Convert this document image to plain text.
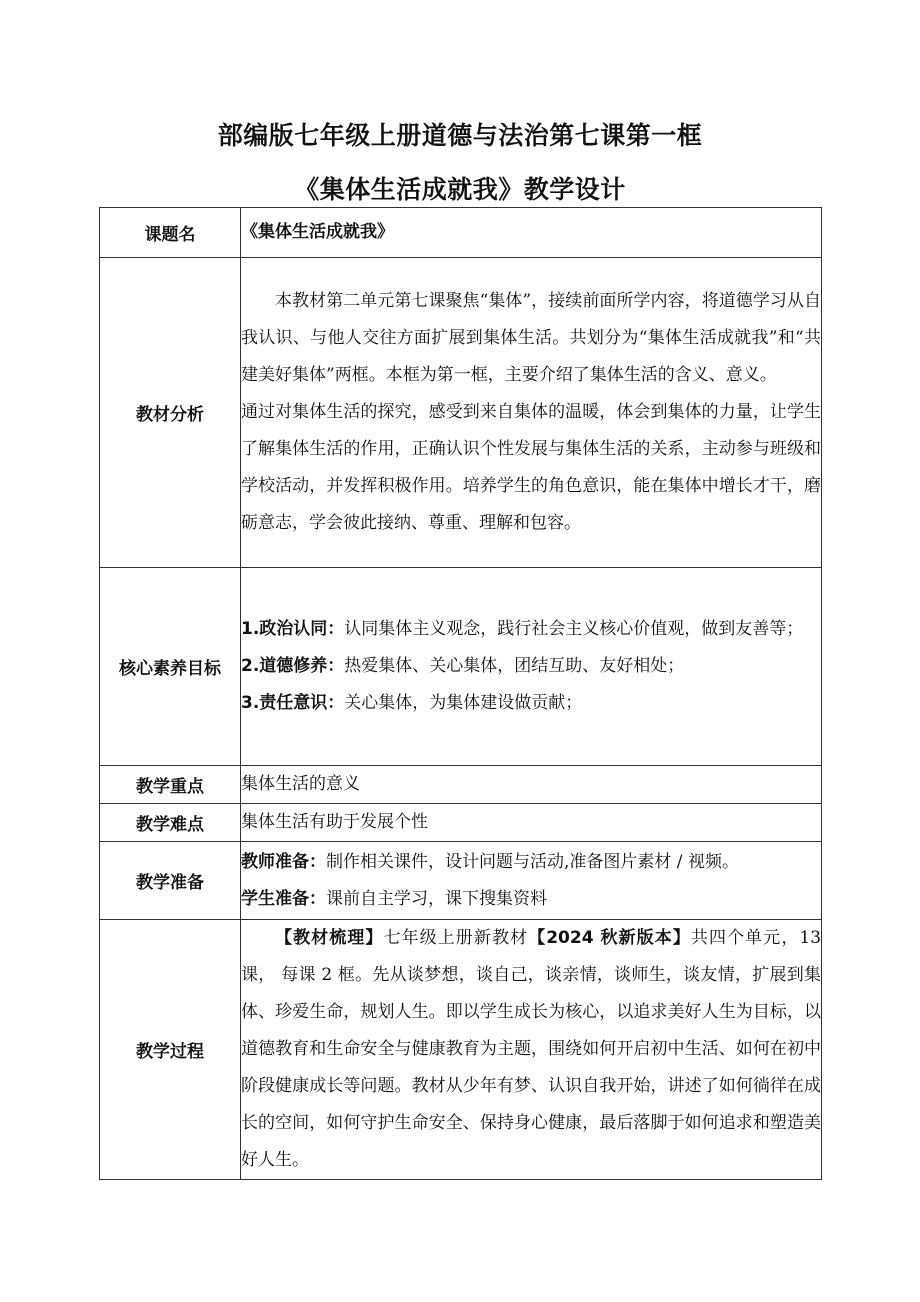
部编版七年级上册道德与法治第七课第一框
《集体生活成就我》教学设计
课题名	《集体生活成就我》
教材分析	本教材第二单元第七课聚焦“集体”，接续前面所学内容，将道德学习从自我认识、与他人交往方面扩展到集体生活。共划分为“集体生活成就我”和“共建美好集体”两框。本框为第一框，主要介绍了集体生活的含义、意义。

通过对集体生活的探究，感受到来自集体的温暖，体会到集体的力量，让学生了解集体生活的作用，正确认识个性发展与集体生活的关系，主动参与班级和学校活动，并发挥积极作用。培养学生的角色意识，能在集体中增长才干，磨砺意志，学会彼此接纳、尊重、理解和包容。

核心素养目标	1.政治认同：认同集体主义观念，践行社会主义核心价值观，做到友善等；

2.道德修养：热爱集体、关心集体，团结互助、友好相处；

3.责任意识：关心集体，为集体建设做贡献；

教学重点	集体生活的意义
教学难点	集体生活有助于发展个性
教学准备	教师准备：制作相关课件，设计问题与活动,准备图片素材 / 视频。

学生准备：课前自主学习，课下搜集资料

教学过程	【教材梳理】七年级上册新教材【2024 秋新版本】共四个单元，13 课， 每课 2 框。先从谈梦想，谈自己，谈亲情，谈师生，谈友情，扩展到集体、珍爱生命，规划人生。即以学生成长为核心，以追求美好人生为目标，以道德教育和生命安全与健康教育为主题，围绕如何开启初中生活、如何在初中阶段健康成长等问题。教材从少年有梦、认识自我开始，讲述了如何徜徉在成长的空间，如何守护生命安全、保持身心健康，最后落脚于如何追求和塑造美好人生。
